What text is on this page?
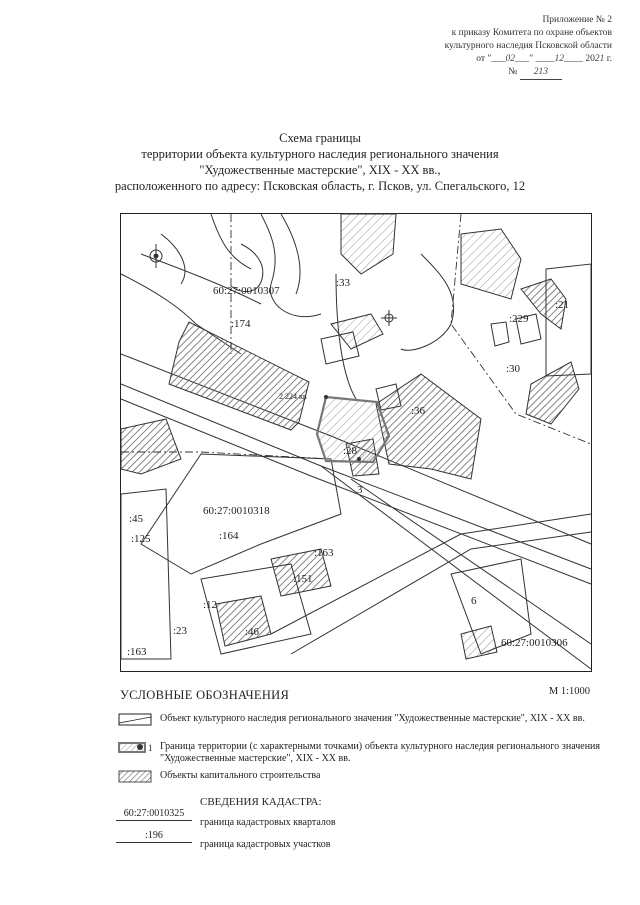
Приложение № 2
к приказу Комитета по охране объектов
культурного наследия Псковской области
от "___02___" ____12____ 2021 г.
№ 213
Схема границы
территории объекта культурного наследия регионального значения
"Художественные мастерские", XIX - XX вв.,
расположенного по адресу: Псковская область, г. Псков, ул. Спегальского, 12
60:27:0010307
:33
:174	:229
:21
:30
:36
:28
2 224 кв
60:27:0010318
:45
:125	:164
:163
:151
:12
:46
:23
:163
6
3
60:27:0010306
УСЛОВНЫЕ ОБОЗНАЧЕНИЯ	М 1:1000
Объект культурного наследия регионального значения "Художественные мастерские", XIX - XX вв.
1 Граница территории (с характерными точками) объекта культурного наследия регионального значения "Художественные мастерские", XIX - XX вв.
Объекты капитального строительства
СВЕДЕНИЯ КАДАСТРА:
60:27:0010325
граница кадастровых кварталов
:196
граница кадастровых участков
